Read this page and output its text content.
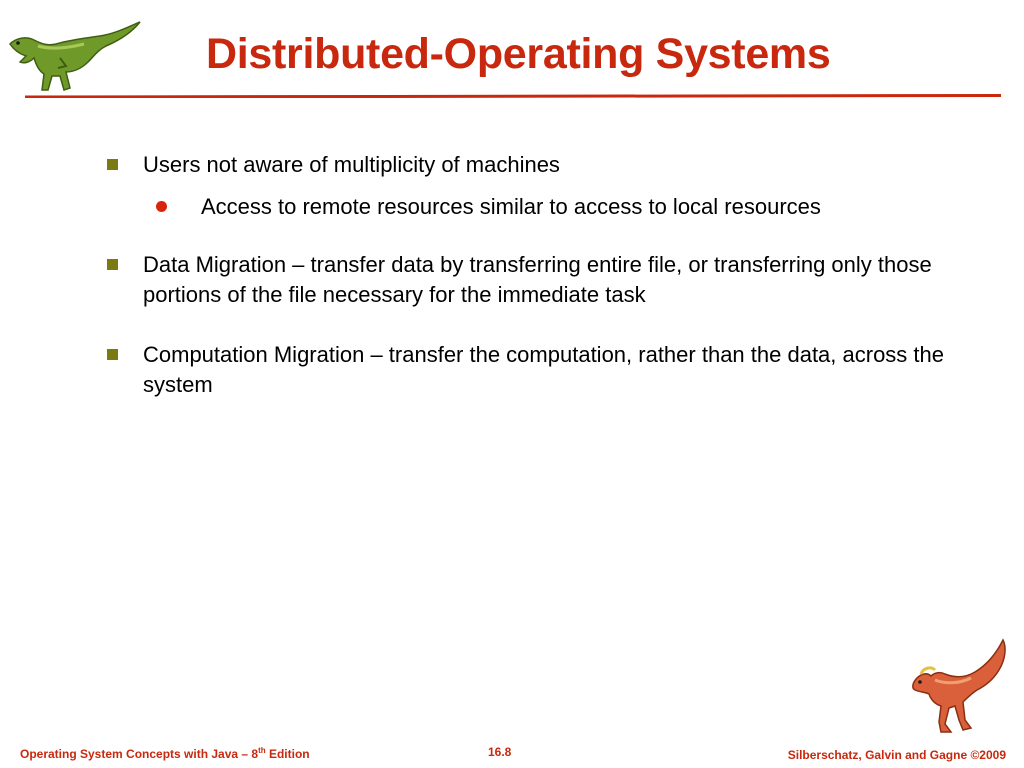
Distributed-Operating Systems
Users not aware of multiplicity of machines
Access to remote resources similar to access to local resources
Data Migration – transfer data by transferring entire file, or transferring only those portions of the file necessary for the immediate task
Computation Migration – transfer the computation, rather than the data, across the system
Operating System Concepts with Java – 8th Edition	16.8	Silberschatz, Galvin and Gagne ©2009
